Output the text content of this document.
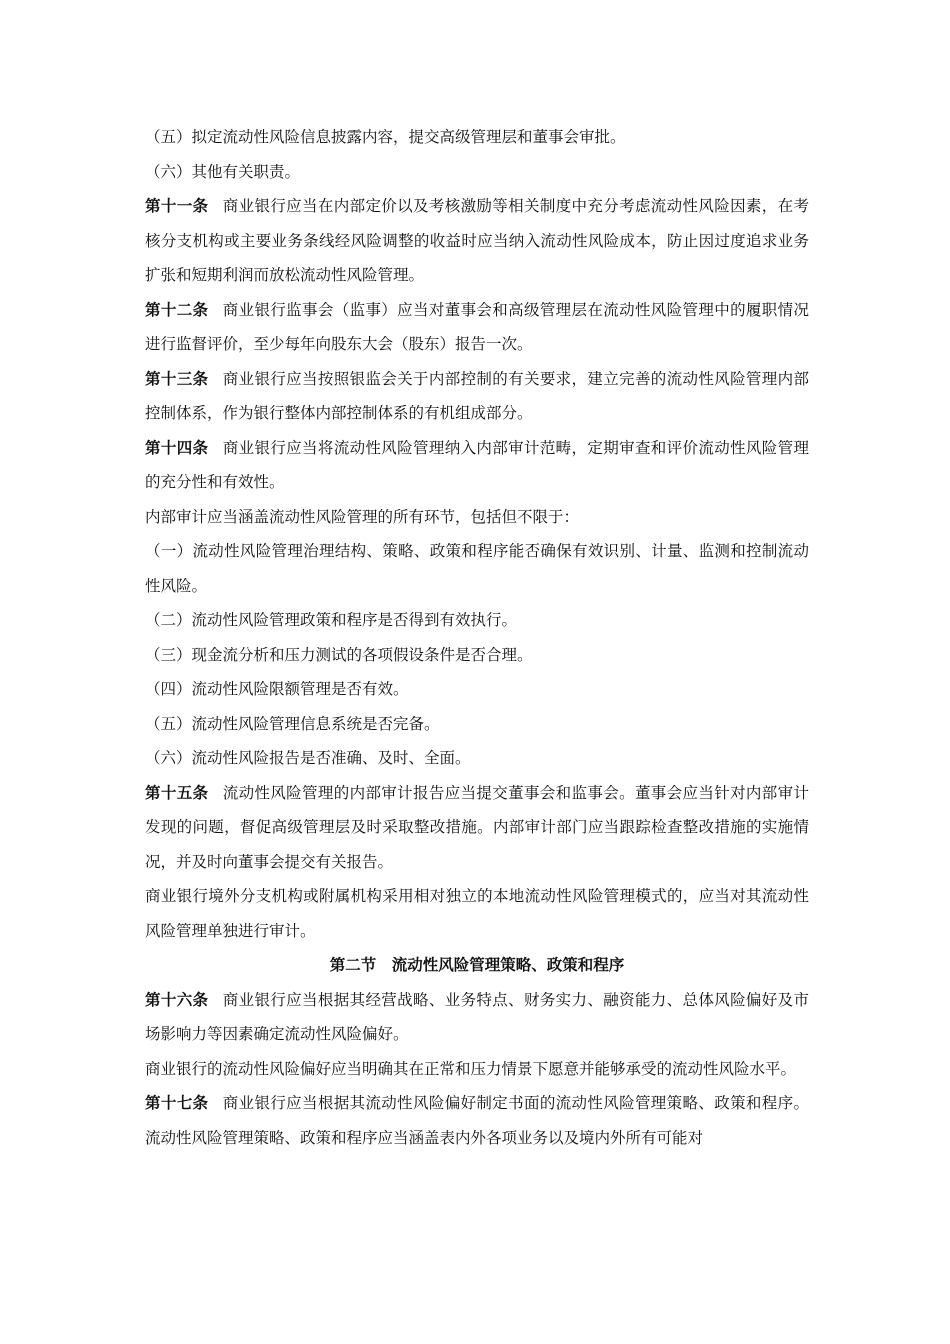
（五）拟定流动性风险信息披露内容，提交高级管理层和董事会审批。

（六）其他有关职责。

第十一条 商业银行应当在内部定价以及考核激励等相关制度中充分考虑流动性风险因素，在考核分支机构或主要业务条线经风险调整的收益时应当纳入流动性风险成本，防止因过度追求业务扩张和短期利润而放松流动性风险管理。

第十二条 商业银行监事会（监事）应当对董事会和高级管理层在流动性风险管理中的履职情况进行监督评价，至少每年向股东大会（股东）报告一次。

第十三条 商业银行应当按照银监会关于内部控制的有关要求，建立完善的流动性风险管理内部控制体系，作为银行整体内部控制体系的有机组成部分。

第十四条 商业银行应当将流动性风险管理纳入内部审计范畴，定期审查和评价流动性风险管理的充分性和有效性。

内部审计应当涵盖流动性风险管理的所有环节，包括但不限于：

（一）流动性风险管理治理结构、策略、政策和程序能否确保有效识别、计量、监测和控制流动性风险。

（二）流动性风险管理政策和程序是否得到有效执行。

（三）现金流分析和压力测试的各项假设条件是否合理。

（四）流动性风险限额管理是否有效。

（五）流动性风险管理信息系统是否完备。

（六）流动性风险报告是否准确、及时、全面。

第十五条 流动性风险管理的内部审计报告应当提交董事会和监事会。董事会应当针对内部审计发现的问题，督促高级管理层及时采取整改措施。内部审计部门应当跟踪检查整改措施的实施情况，并及时向董事会提交有关报告。

商业银行境外分支机构或附属机构采用相对独立的本地流动性风险管理模式的，应当对其流动性风险管理单独进行审计。

第二节　流动性风险管理策略、政策和程序

第十六条 商业银行应当根据其经营战略、业务特点、财务实力、融资能力、总体风险偏好及市场影响力等因素确定流动性风险偏好。

商业银行的流动性风险偏好应当明确其在正常和压力情景下愿意并能够承受的流动性风险水平。

第十七条 商业银行应当根据其流动性风险偏好制定书面的流动性风险管理策略、政策和程序。流动性风险管理策略、政策和程序应当涵盖表内外各项业务以及境内外所有可能对
